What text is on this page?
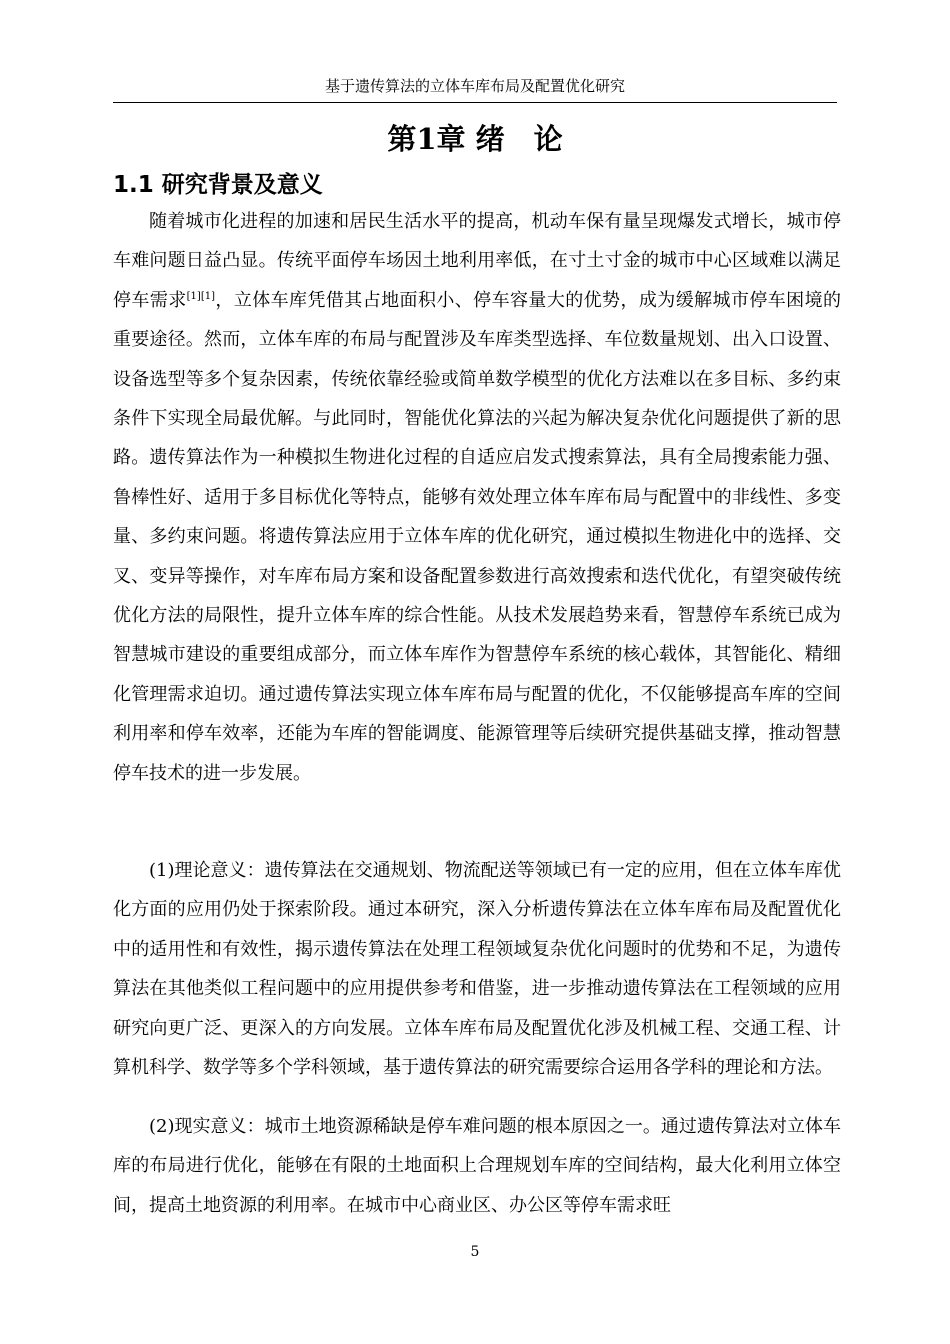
基于遗传算法的立体车库布局及配置优化研究
第1章 绪　论
1.1 研究背景及意义

随着城市化进程的加速和居民生活水平的提高，机动车保有量呈现爆发式增长，城市停车难问题日益凸显。传统平面停车场因土地利用率低，在寸土寸金的城市中心区域难以满足停车需求[1][1]，立体车库凭借其占地面积小、停车容量大的优势，成为缓解城市停车困境的重要途径。然而，立体车库的布局与配置涉及车库类型选择、车位数量规划、出入口设置、设备选型等多个复杂因素，传统依靠经验或简单数学模型的优化方法难以在多目标、多约束条件下实现全局最优解。与此同时，智能优化算法的兴起为解决复杂优化问题提供了新的思路。遗传算法作为一种模拟生物进化过程的自适应启发式搜索算法，具有全局搜索能力强、鲁棒性好、适用于多目标优化等特点，能够有效处理立体车库布局与配置中的非线性、多变量、多约束问题。将遗传算法应用于立体车库的优化研究，通过模拟生物进化中的选择、交叉、变异等操作，对车库布局方案和设备配置参数进行高效搜索和迭代优化，有望突破传统优化方法的局限性，提升立体车库的综合性能。从技术发展趋势来看，智慧停车系统已成为智慧城市建设的重要组成部分，而立体车库作为智慧停车系统的核心载体，其智能化、精细化管理需求迫切。通过遗传算法实现立体车库布局与配置的优化，不仅能够提高车库的空间利用率和停车效率，还能为车库的智能调度、能源管理等后续研究提供基础支撑，推动智慧停车技术的进一步发展。

(1)理论意义：遗传算法在交通规划、物流配送等领域已有一定的应用，但在立体车库优化方面的应用仍处于探索阶段。通过本研究，深入分析遗传算法在立体车库布局及配置优化中的适用性和有效性，揭示遗传算法在处理工程领域复杂优化问题时的优势和不足，为遗传算法在其他类似工程问题中的应用提供参考和借鉴，进一步推动遗传算法在工程领域的应用研究向更广泛、更深入的方向发展。立体车库布局及配置优化涉及机械工程、交通工程、计算机科学、数学等多个学科领域，基于遗传算法的研究需要综合运用各学科的理论和方法。

(2)现实意义：城市土地资源稀缺是停车难问题的根本原因之一。通过遗传算法对立体车库的布局进行优化，能够在有限的土地面积上合理规划车库的空间结构，最大化利用立体空间，提高土地资源的利用率。在城市中心商业区、办公区等停车需求旺

5
